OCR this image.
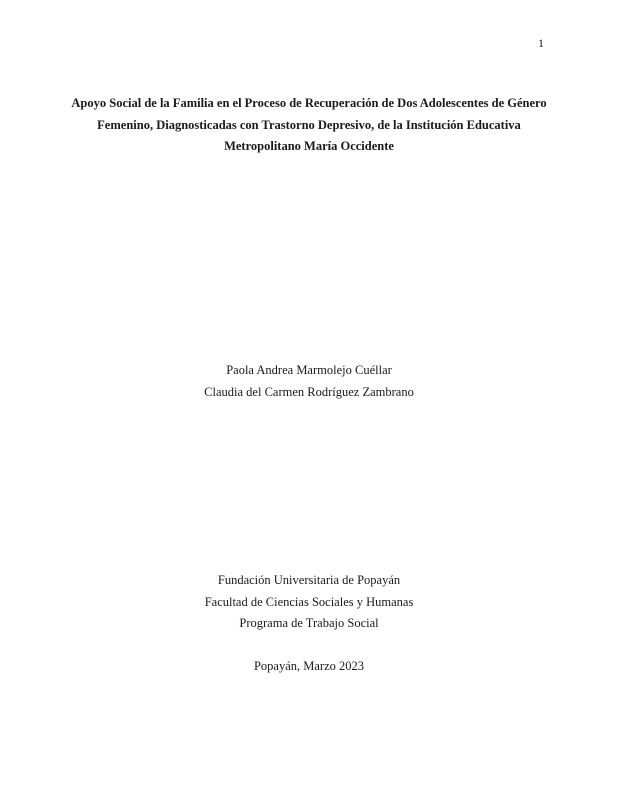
1
Apoyo Social de la Familia en el Proceso de Recuperación de Dos Adolescentes de Género
Femenino, Diagnosticadas con Trastorno Depresivo, de la Institución Educativa
Metropolitano María Occidente
Paola Andrea Marmolejo Cuéllar
Claudia del Carmen Rodríguez Zambrano
Fundación Universitaria de Popayán
Facultad de Ciencias Sociales y Humanas
Programa de Trabajo Social
Popayán, Marzo 2023
